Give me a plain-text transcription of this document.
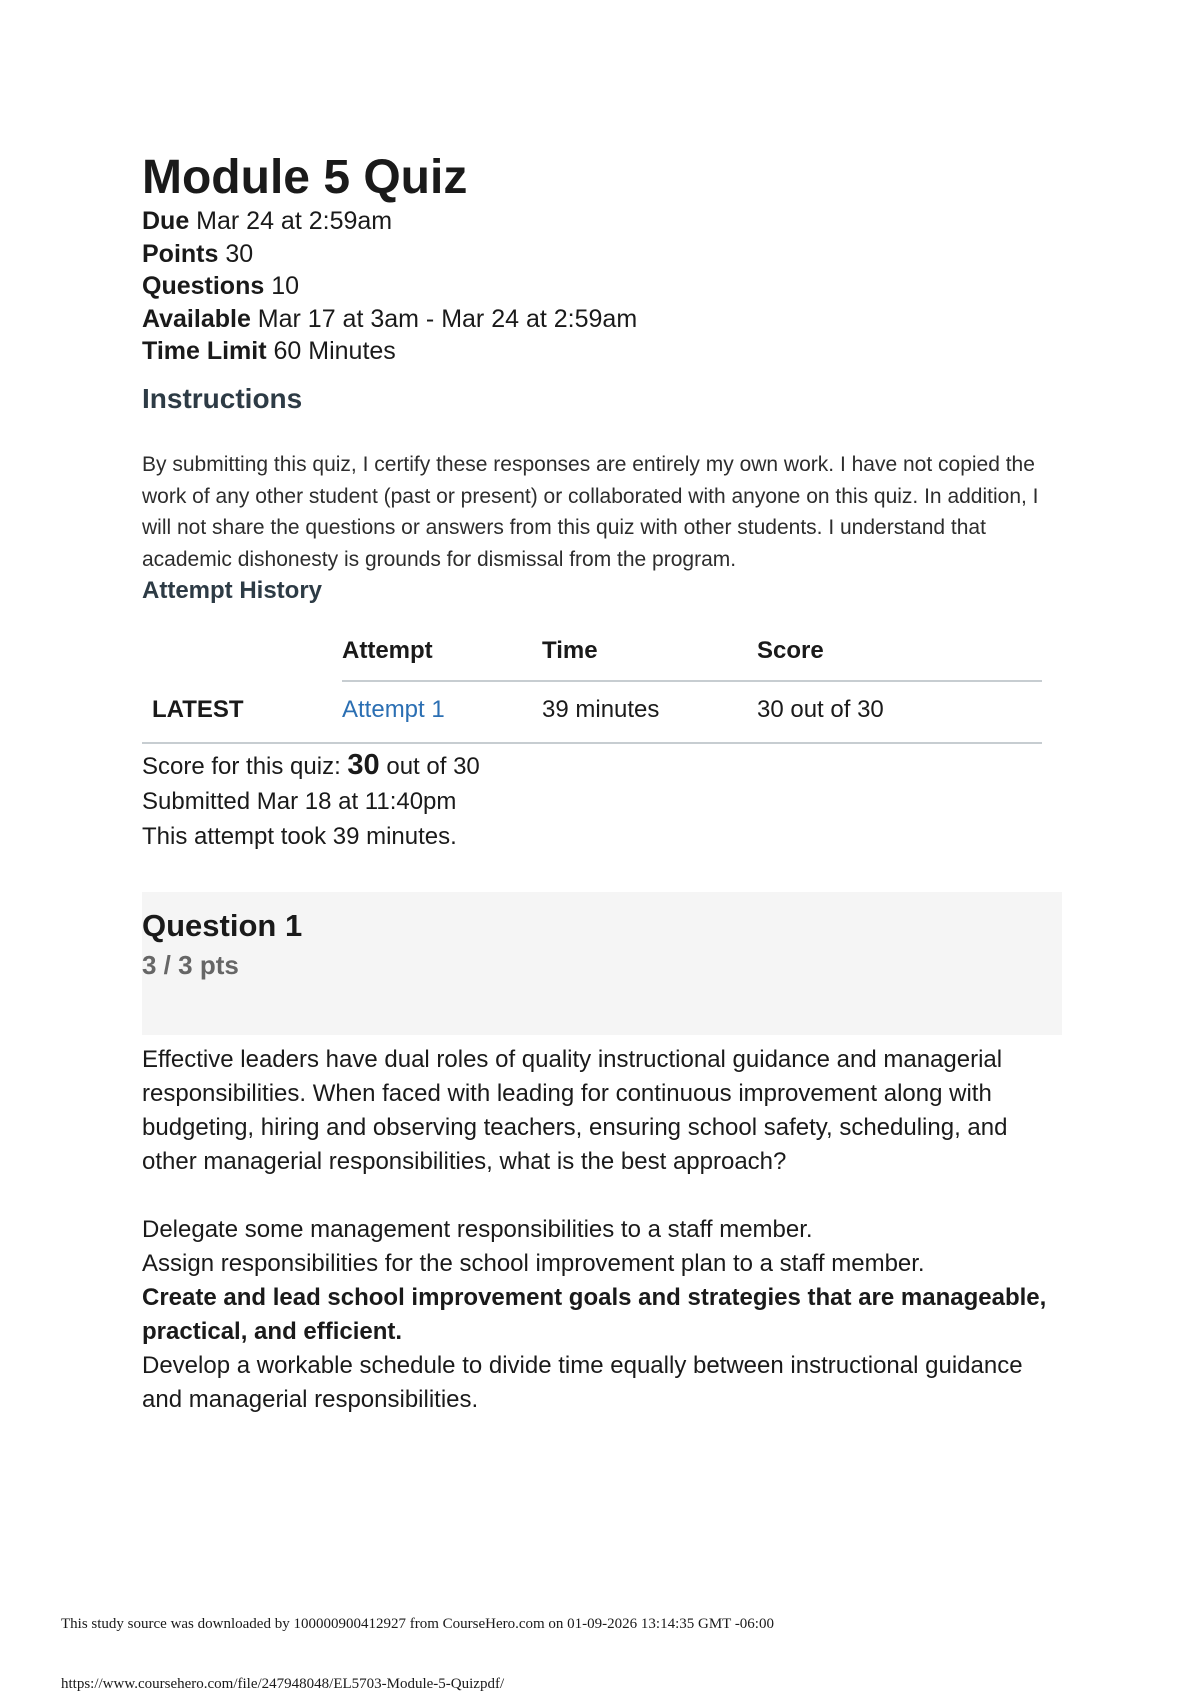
Module 5 Quiz
Due Mar 24 at 2:59am
Points 30
Questions 10
Available Mar 17 at 3am - Mar 24 at 2:59am
Time Limit 60 Minutes
Instructions
By submitting this quiz, I certify these responses are entirely my own work. I have not copied the work of any other student (past or present) or collaborated with anyone on this quiz. In addition, I will not share the questions or answers from this quiz with other students. I understand that academic dishonesty is grounds for dismissal from the program.
Attempt History
	Attempt	Time	Score
LATEST	Attempt 1	39 minutes	30 out of 30
Score for this quiz: 30 out of 30
Submitted Mar 18 at 11:40pm
This attempt took 39 minutes.
Question 1
3 / 3 pts
Effective leaders have dual roles of quality instructional guidance and managerial responsibilities. When faced with leading for continuous improvement along with budgeting, hiring and observing teachers, ensuring school safety, scheduling, and other managerial responsibilities, what is the best approach?
Delegate some management responsibilities to a staff member.
Assign responsibilities for the school improvement plan to a staff member.
Create and lead school improvement goals and strategies that are manageable, practical, and efficient.
Develop a workable schedule to divide time equally between instructional guidance and managerial responsibilities.
This study source was downloaded by 100000900412927 from CourseHero.com on 01-09-2026 13:14:35 GMT -06:00
https://www.coursehero.com/file/247948048/EL5703-Module-5-Quizpdf/
